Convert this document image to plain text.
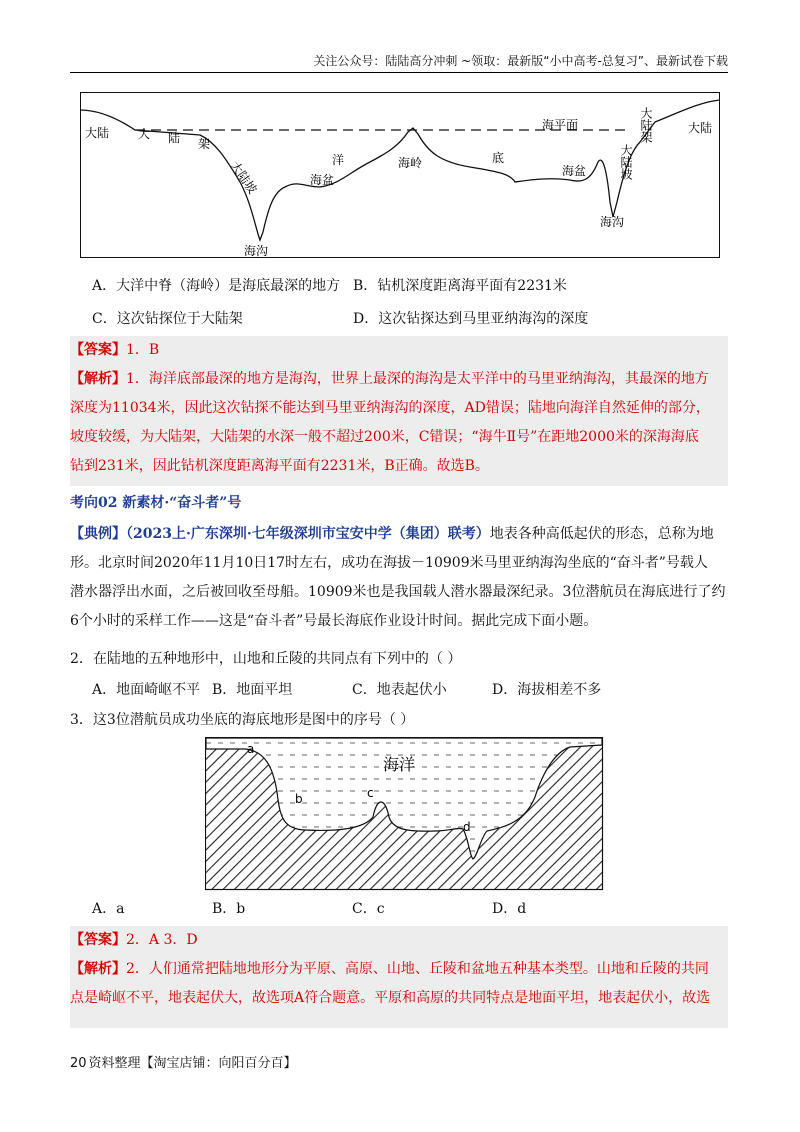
关注公众号：陆陆高分冲刺 ~领取：最新版“小中高考-总复习”、最新试卷下载
大陆 大 陆 架
大陆坡	洋
海盆
海岭	底
海盆
海平面	大陆架
大陆坡
大陆
海沟
海沟
A．大洋中脊（海岭）是海底最深的地方 B．钻机深度距离海平面有2231米
C．这次钻探位于大陆架	D．这次钻探达到马里亚纳海沟的深度
【答案】1．B
【解析】1．海洋底部最深的地方是海沟，世界上最深的海沟是太平洋中的马里亚纳海沟，其最深的地方
深度为11034米，因此这次钻探不能达到马里亚纳海沟的深度，AD错误；陆地向海洋自然延伸的部分，
坡度较缓，为大陆架，大陆架的水深一般不超过200米，C错误；“海牛Ⅱ号”在距地2000米的深海海底
钻到231米，因此钻机深度距离海平面有2231米，B正确。故选B。
考向02 新素材·“奋斗者”号
【典例】（2023上·广东深圳·七年级深圳市宝安中学（集团）联考）地表各种高低起伏的形态，总称为地
形。北京时间2020年11月10日17时左右，成功在海拔－10909米马里亚纳海沟坐底的“奋斗者”号载人
潜水器浮出水面，之后被回收至母船。10909米也是我国载人潜水器最深纪录。3位潜航员在海底进行了约
6个小时的采样工作——这是“奋斗者”号最长海底作业设计时间。据此完成下面小题。
2．在陆地的五种地形中，山地和丘陵的共同点有下列中的（ ）
A．地面崎岖不平 B．地面平坦	C．地表起伏小	D．海拔相差不多
3．这3位潜航员成功坐底的海底地形是图中的序号（ ）
海洋
a
b	c
d
A．a	B．b	C．c	D．d
【答案】2．A 3．D
【解析】2．人们通常把陆地地形分为平原、高原、山地、丘陵和盆地五种基本类型。山地和丘陵的共同
点是崎岖不平，地表起伏大，故选项A符合题意。平原和高原的共同特点是地面平坦，地表起伏小，故选
20 资料整理【淘宝店铺：向阳百分百】
